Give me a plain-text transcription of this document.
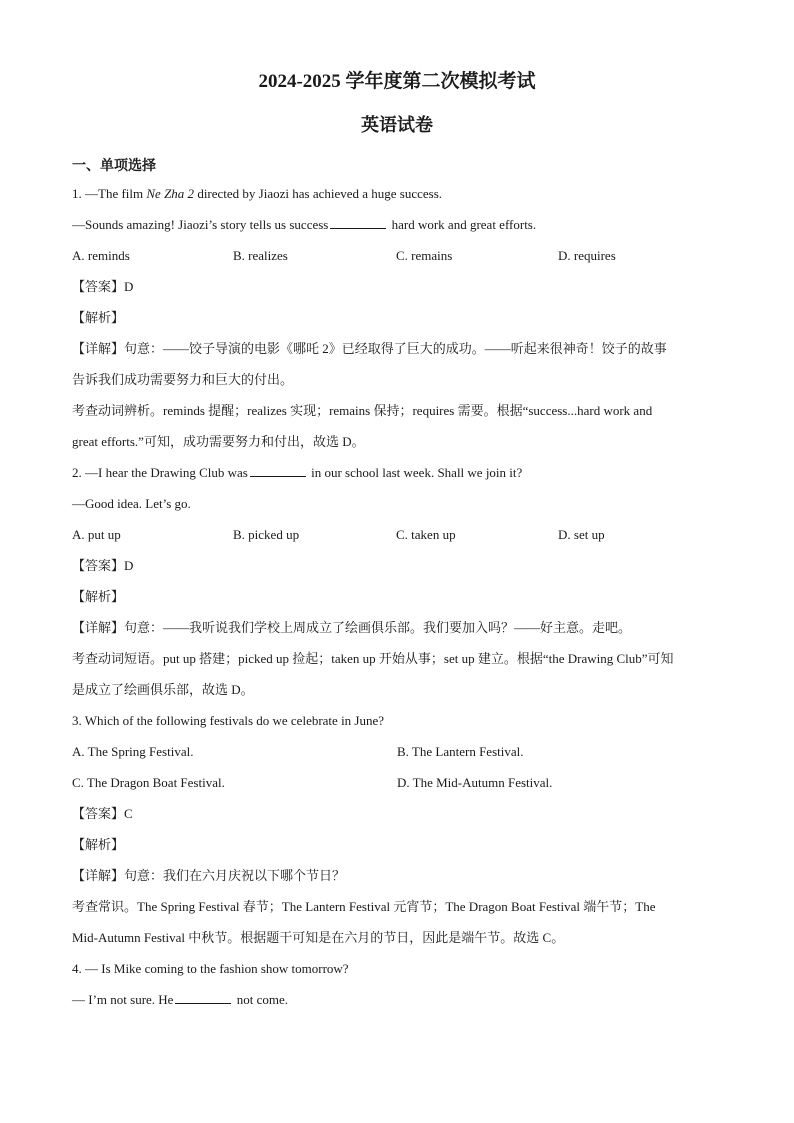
2024-2025 学年度第二次模拟考试
英语试卷
一、单项选择
1. —The film Ne Zha 2 directed by Jiaozi has achieved a huge success.
—Sounds amazing! Jiaozi’s story tells us success	hard work and great efforts.
A. reminds	B. realizes	C. remains	D. requires
【答案】D
【解析】
【详解】句意：——饺子导演的电影《哪吒 2》已经取得了巨大的成功。——听起来很神奇！饺子的故事
告诉我们成功需要努力和巨大的付出。
考查动词辨析。reminds 提醒；realizes 实现；remains 保持；requires 需要。根据“success...hard work and
great efforts.”可知，成功需要努力和付出，故选 D。
2. —I hear the Drawing Club was	in our school last week. Shall we join it?
—Good idea. Let’s go.
A. put up	B. picked up	C. taken up	D. set up
【答案】D
【解析】
【详解】句意：——我听说我们学校上周成立了绘画俱乐部。我们要加入吗？——好主意。走吧。
考查动词短语。put up 搭建；picked up 捡起；taken up 开始从事；set up 建立。根据“the Drawing Club”可知
是成立了绘画俱乐部，故选 D。
3. Which of the following festivals do we celebrate in June?
A. The Spring Festival.	B. The Lantern Festival.
C. The Dragon Boat Festival.	D. The Mid-Autumn Festival.
【答案】C
【解析】
【详解】句意：我们在六月庆祝以下哪个节日？
考查常识。The Spring Festival 春节；The Lantern Festival 元宵节；The Dragon Boat Festival 端午节；The
Mid-Autumn Festival 中秋节。根据题干可知是在六月的节日，因此是端午节。故选 C。
4. — Is Mike coming to the fashion show tomorrow?
— I’m not sure. He	not come.
